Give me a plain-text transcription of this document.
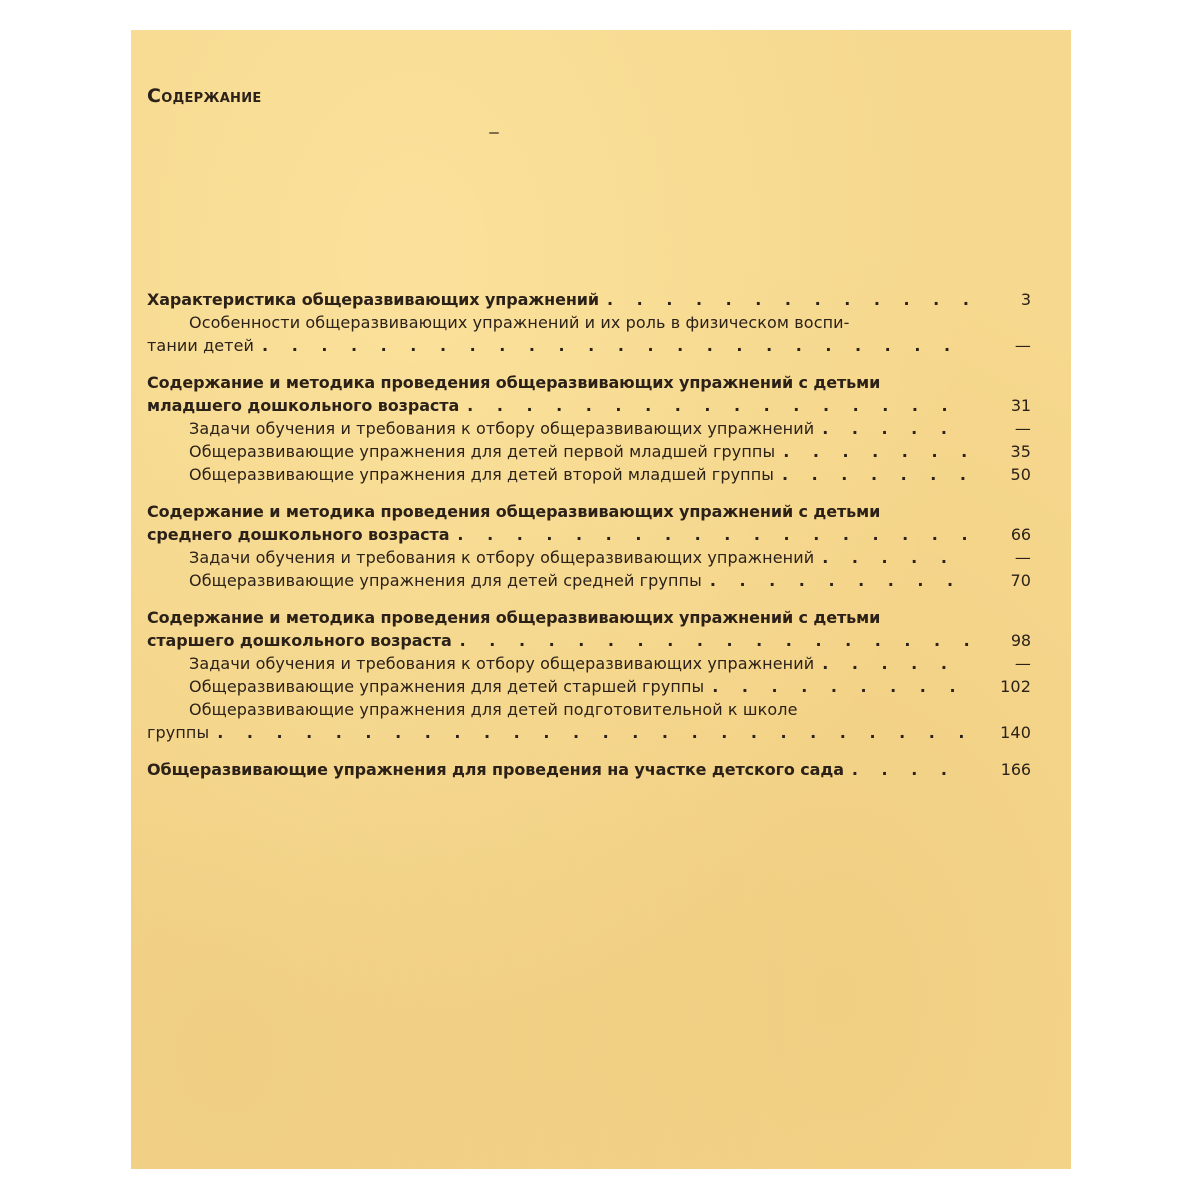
Содержание
Характеристика общеразвивающих упражнений . . .	3
Особенности общеразвивающих упражнений и их роль в физическом воспи-
тании детей . . .	—
Содержание и методика проведения общеразвивающих упражнений с детьми
младшего дошкольного возраста . . .	31
Задачи обучения и требования к отбору общеразвивающих упражнений . . .	—
Общеразвивающие упражнения для детей первой младшей группы . . .	35
Общеразвивающие упражнения для детей второй младшей группы . . .	50
Содержание и методика проведения общеразвивающих упражнений с детьми
среднего дошкольного возраста . . .	66
Задачи обучения и требования к отбору общеразвивающих упражнений . . .	—
Общеразвивающие упражнения для детей средней группы . . .	70
Содержание и методика проведения общеразвивающих упражнений с детьми
старшего дошкольного возраста . . .	98
Задачи обучения и требования к отбору общеразвивающих упражнений . . .	—
Общеразвивающие упражнения для детей старшей группы . . .	102
Общеразвивающие упражнения для детей подготовительной к школе
группы . . .	140
Общеразвивающие упражнения для проведения на участке детского сада . . .	166
